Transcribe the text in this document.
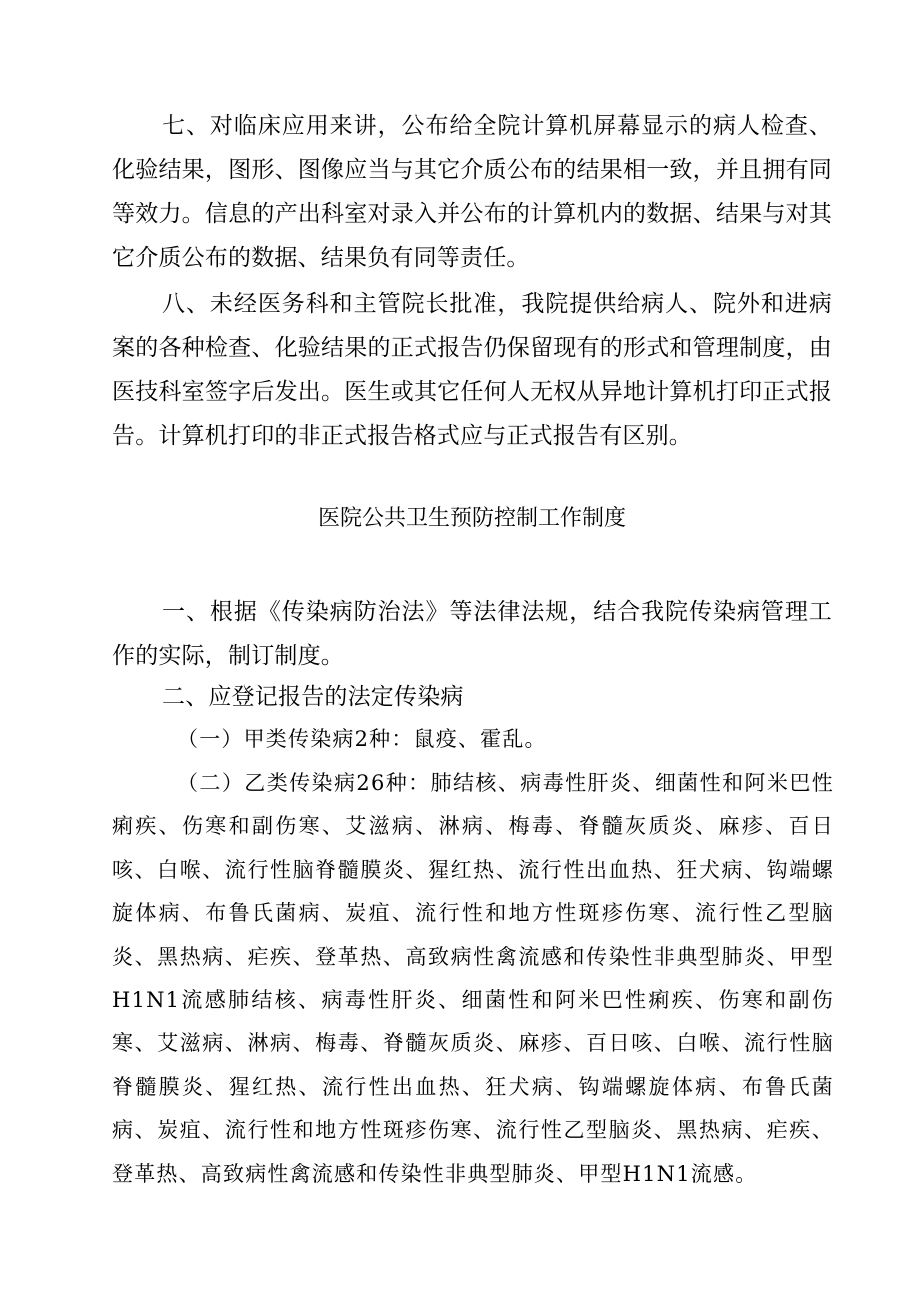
七、对临床应用来讲，公布给全院计算机屏幕显示的病人检查、化验结果，图形、图像应当与其它介质公布的结果相一致，并且拥有同等效力。信息的产出科室对录入并公布的计算机内的数据、结果与对其它介质公布的数据、结果负有同等责任。

八、未经医务科和主管院长批准，我院提供给病人、院外和进病案的各种检查、化验结果的正式报告仍保留现有的形式和管理制度，由医技科室签字后发出。医生或其它任何人无权从异地计算机打印正式报告。计算机打印的非正式报告格式应与正式报告有区别。

医院公共卫生预防控制工作制度

一、根据《传染病防治法》等法律法规，结合我院传染病管理工作的实际，制订制度。

二、应登记报告的法定传染病

（一）甲类传染病2种：鼠疫、霍乱。

（二）乙类传染病26种：肺结核、病毒性肝炎、细菌性和阿米巴性痢疾、伤寒和副伤寒、艾滋病、淋病、梅毒、脊髓灰质炎、麻疹、百日咳、白喉、流行性脑脊髓膜炎、猩红热、流行性出血热、狂犬病、钩端螺旋体病、布鲁氏菌病、炭疽、流行性和地方性斑疹伤寒、流行性乙型脑炎、黑热病、疟疾、登革热、高致病性禽流感和传染性非典型肺炎、甲型H1N1流感肺结核、病毒性肝炎、细菌性和阿米巴性痢疾、伤寒和副伤寒、艾滋病、淋病、梅毒、脊髓灰质炎、麻疹、百日咳、白喉、流行性脑脊髓膜炎、猩红热、流行性出血热、狂犬病、钩端螺旋体病、布鲁氏菌病、炭疽、流行性和地方性斑疹伤寒、流行性乙型脑炎、黑热病、疟疾、登革热、高致病性禽流感和传染性非典型肺炎、甲型H1N1流感。
